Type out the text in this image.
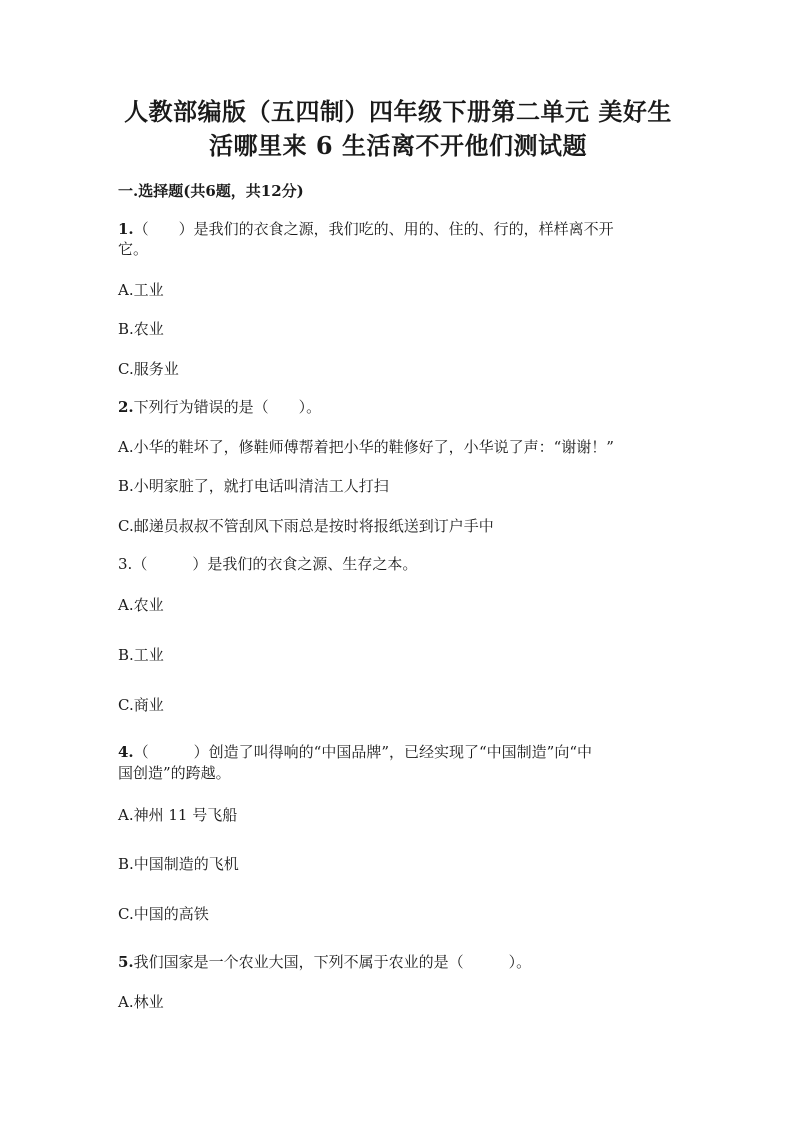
人教部编版（五四制）四年级下册第二单元 美好生
活哪里来 6 生活离不开他们测试题
一.选择题(共6题，共12分)
1.（　　）是我们的衣食之源，我们吃的、用的、住的、行的，样样离不开
它。
A.工业
B.农业
C.服务业
2.下列行为错误的是（　　）。
A.小华的鞋坏了，修鞋师傅帮着把小华的鞋修好了，小华说了声：“谢谢！”
B.小明家脏了，就打电话叫清洁工人打扫
C.邮递员叔叔不管刮风下雨总是按时将报纸送到订户手中
3.（　　　）是我们的衣食之源、生存之本。
A.农业
B.工业
C.商业
4.（　　　）创造了叫得响的“中国品牌”，已经实现了“中国制造”向“中
国创造”的跨越。
A.神州 11 号飞船
B.中国制造的飞机
C.中国的高铁
5.我们国家是一个农业大国，下列不属于农业的是（　　　）。
A.林业
